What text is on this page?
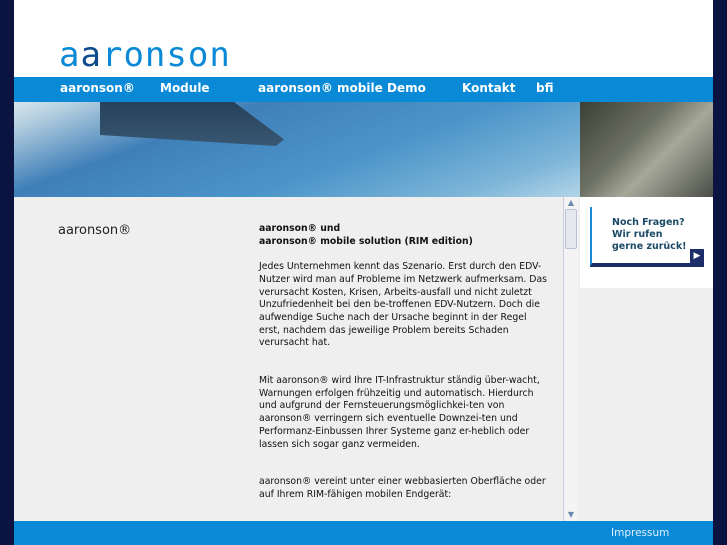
aaronson
aaronson® Module	aaronson® mobile Demo	Kontakt bfi
aaronson®	aaronson® und
aaronson® mobile solution (RIM edition)

Jedes Unternehmen kennt das Szenario. Erst durch den EDV-Nutzer wird man auf Probleme im Netzwerk aufmerksam. Das verursacht Kosten, Krisen, Arbeits-ausfall und nicht zuletzt Unzufriedenheit bei den be-troffenen EDV-Nutzern. Doch die aufwendige Suche nach der Ursache beginnt in der Regel erst, nachdem das jeweilige Problem bereits Schaden verursacht hat.

Mit aaronson® wird Ihre IT-Infrastruktur ständig über-wacht, Warnungen erfolgen frühzeitig und automatisch. Hierdurch und aufgrund der Fernsteuerungsmöglichkei-ten von aaronson® verringern sich eventuelle Downzei-ten und Performanz-Einbussen Ihrer Systeme ganz er-heblich oder lassen sich sogar ganz vermeiden.

aaronson® vereint unter einer webbasierten Oberfläche oder auf Ihrem RIM-fähigen mobilen Endgerät:

▲
▼
Noch Fragen?
Wir rufen
gerne zurück!
▶
Impressum
